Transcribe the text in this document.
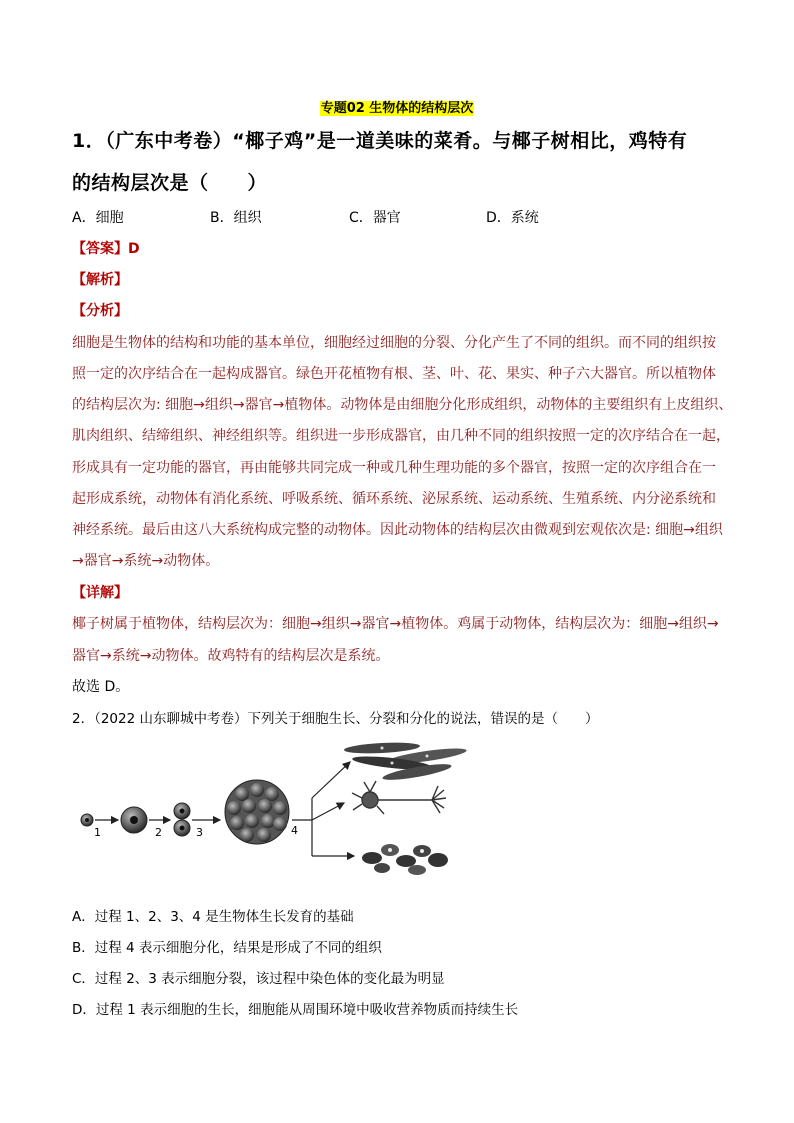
专题02 生物体的结构层次
1．（广东中考卷）“椰子鸡”是一道美味的菜肴。与椰子树相比，鸡特有
的结构层次是（　　）
A．细胞	B．组织	C．器官	D．系统
【答案】D
【解析】
【分析】
细胞是生物体的结构和功能的基本单位，细胞经过细胞的分裂、分化产生了不同的组织。而不同的组织按
照一定的次序结合在一起构成器官。绿色开花植物有根、茎、叶、花、果实、种子六大器官。所以植物体
的结构层次为: 细胞→组织→器官→植物体。动物体是由细胞分化形成组织，动物体的主要组织有上皮组织、
肌肉组织、结缔组织、神经组织等。组织进一步形成器官，由几种不同的组织按照一定的次序结合在一起，
形成具有一定功能的器官，再由能够共同完成一种或几种生理功能的多个器官，按照一定的次序组合在一
起形成系统，动物体有消化系统、呼吸系统、循环系统、泌尿系统、运动系统、生殖系统、内分泌系统和
神经系统。最后由这八大系统构成完整的动物体。因此动物体的结构层次由微观到宏观依次是: 细胞→组织
→器官→系统→动物体。
【详解】
椰子树属于植物体，结构层次为：细胞→组织→器官→植物体。鸡属于动物体，结构层次为：细胞→组织→
器官→系统→动物体。故鸡特有的结构层次是系统。
故选 D。
2．（2022 山东聊城中考卷）下列关于细胞生长、分裂和分化的说法，错误的是（　　）
1	2	3	4
A．过程 1、2、3、4 是生物体生长发育的基础
B．过程 4 表示细胞分化，结果是形成了不同的组织
C．过程 2、3 表示细胞分裂，该过程中染色体的变化最为明显
D．过程 1 表示细胞的生长，细胞能从周围环境中吸收营养物质而持续生长
